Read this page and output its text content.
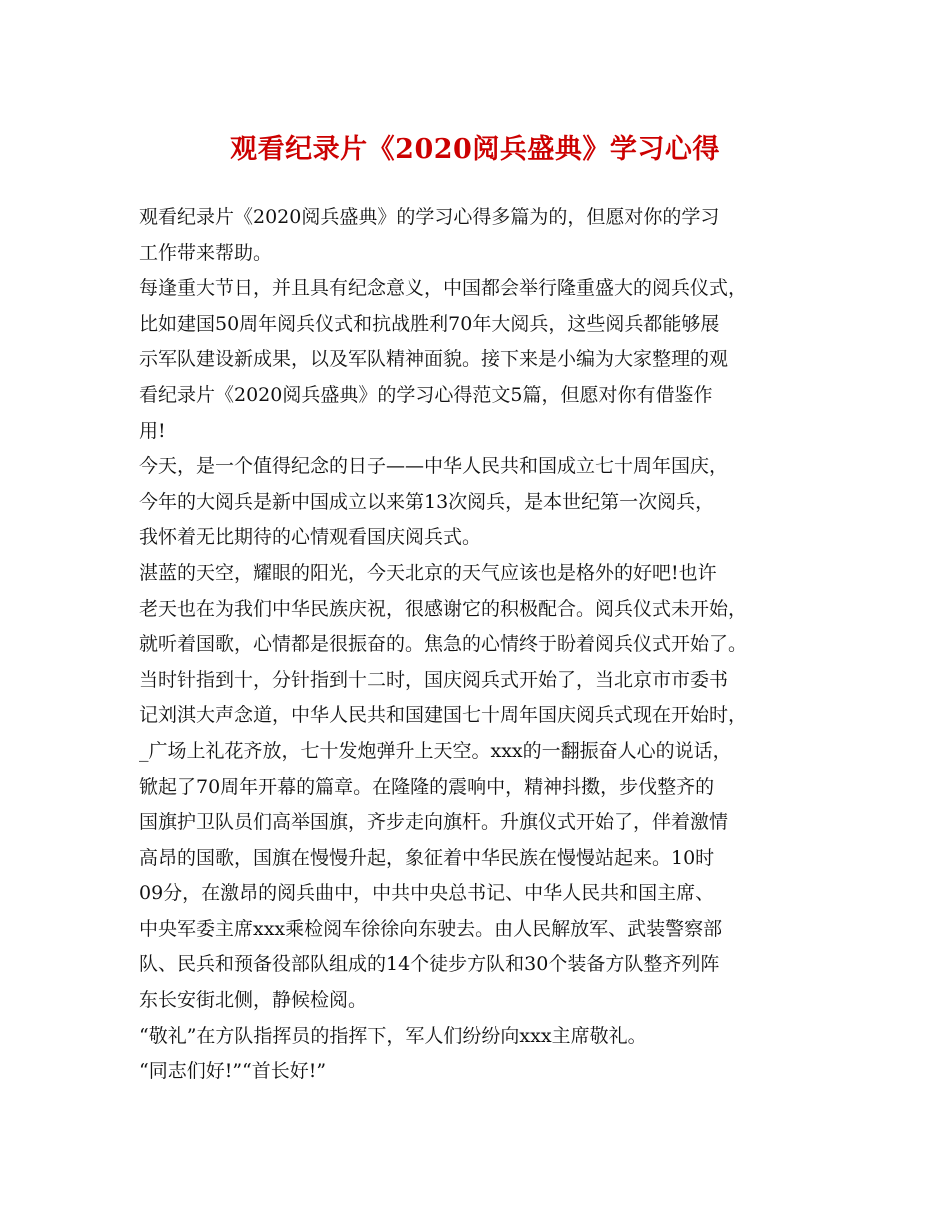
观看纪录片《2020阅兵盛典》学习心得
观看纪录片《2020阅兵盛典》的学习心得多篇为的，但愿对你的学习
工作带来帮助。
每逢重大节日，并且具有纪念意义，中国都会举行隆重盛大的阅兵仪式，
比如建国50周年阅兵仪式和抗战胜利70年大阅兵，这些阅兵都能够展
示军队建设新成果，以及军队精神面貌。接下来是小编为大家整理的观
看纪录片《2020阅兵盛典》的学习心得范文5篇，但愿对你有借鉴作
用!
今天，是一个值得纪念的日子——中华人民共和国成立七十周年国庆，
今年的大阅兵是新中国成立以来第13次阅兵，是本世纪第一次阅兵，
我怀着无比期待的心情观看国庆阅兵式。
湛蓝的天空，耀眼的阳光，今天北京的天气应该也是格外的好吧!也许
老天也在为我们中华民族庆祝，很感谢它的积极配合。阅兵仪式未开始，
就听着国歌，心情都是很振奋的。焦急的心情终于盼着阅兵仪式开始了。
当时针指到十，分针指到十二时，国庆阅兵式开始了，当北京市市委书
记刘淇大声念道，中华人民共和国建国七十周年国庆阅兵式现在开始时，
_广场上礼花齐放，七十发炮弹升上天空。xxx的一翻振奋人心的说话，
锨起了70周年开幕的篇章。在隆隆的震响中，精神抖擞，步伐整齐的
国旗护卫队员们高举国旗，齐步走向旗杆。升旗仪式开始了，伴着激情
高昂的国歌，国旗在慢慢升起，象征着中华民族在慢慢站起来。10时
09分，在激昂的阅兵曲中，中共中央总书记、中华人民共和国主席、
中央军委主席xxx乘检阅车徐徐向东驶去。由人民解放军、武装警察部
队、民兵和预备役部队组成的14个徒步方队和30个装备方队整齐列阵
东长安街北侧，静候检阅。
“敬礼”在方队指挥员的指挥下，军人们纷纷向xxx主席敬礼。
“同志们好!”“首长好!”
